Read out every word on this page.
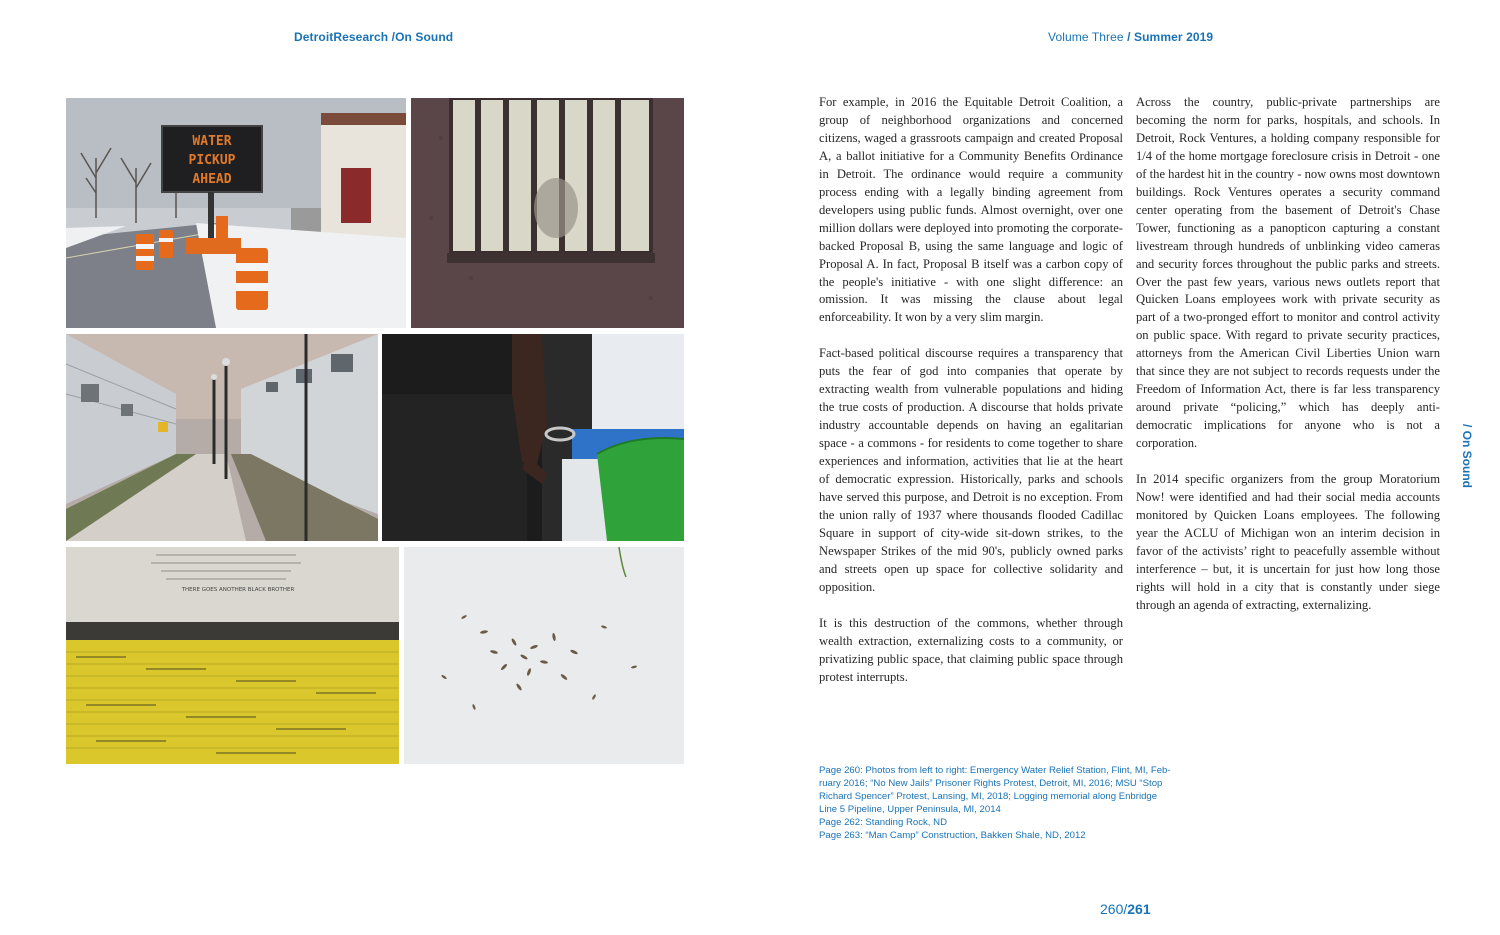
DetroitResearch /On Sound	Volume Three / Summer 2019
WATER
PICKUP
AHEAD
THERE GOES ANOTHER BLACK BROTHER

For example, in 2016 the Equitable Detroit Coalition, a group of neighborhood organizations and concerned citizens, waged a grassroots campaign and created Proposal A, a ballot initiative for a Community Benefits Ordinance in Detroit. The ordinance would require a community process ending with a legally binding agreement from developers using public funds. Almost overnight, over one million dollars were deployed into promoting the corporate-backed Proposal B, using the same language and logic of Proposal A. In fact, Proposal B itself was a carbon copy of the people's initiative - with one slight difference: an omission. It was missing the clause about legal enforceability. It won by a very slim margin.

Fact-based political discourse requires a transparency that puts the fear of god into companies that operate by extracting wealth from vulnerable populations and hiding the true costs of production. A discourse that holds private industry accountable depends on having an egalitarian space - a commons - for residents to come together to share experiences and information, activities that lie at the heart of democratic expression. Historically, parks and schools have served this purpose, and Detroit is no exception. From the union rally of 1937 where thousands flooded Cadillac Square in support of city-wide sit-down strikes, to the Newspaper Strikes of the mid 90's, publicly owned parks and streets open up space for collective solidarity and opposition.

It is this destruction of the commons, whether through wealth extraction, externalizing costs to a community, or privatizing public space, that claiming public space through protest interrupts.

Across the country, public-private partnerships are becoming the norm for parks, hospitals, and schools. In Detroit, Rock Ventures, a holding company responsible for 1/4 of the home mortgage foreclosure crisis in Detroit - one of the hardest hit in the country - now owns most downtown buildings. Rock Ventures operates a security command center operating from the basement of Detroit's Chase Tower, functioning as a panopticon capturing a constant livestream through hundreds of unblinking video cameras and security forces throughout the public parks and streets. Over the past few years, various news outlets report that Quicken Loans employees work with private security as part of a two-pronged effort to monitor and control activity on public space. With regard to private security practices, attorneys from the American Civil Liberties Union warn that since they are not subject to records requests under the Freedom of Information Act, there is far less transparency around private “policing,” which has deeply anti-democratic implications for anyone who is not a corporation.

In 2014 specific organizers from the group Moratorium Now! were identified and had their social media accounts monitored by Quicken Loans employees. The following year the ACLU of Michigan won an interim decision in favor of the activists’ right to peacefully assemble without interference – but, it is uncertain for just how long those rights will hold in a city that is constantly under siege through an agenda of extracting, externalizing.

Page 260: Photos from left to right: Emergency Water Relief Station, Flint, MI, Feb-
ruary 2016; “No New Jails” Prisoner Rights Protest, Detroit, MI, 2016; MSU “Stop
Richard Spencer” Protest, Lansing, MI, 2018; Logging memorial along Enbridge
Line 5 Pipeline, Upper Peninsula, MI, 2014
Page 262: Standing Rock, ND
Page 263: “Man Camp” Construction, Bakken Shale, ND, 2012
/ On Sound
260/261
